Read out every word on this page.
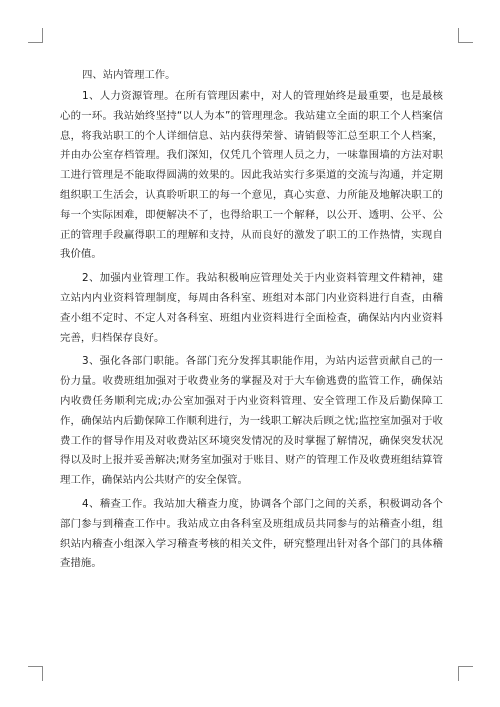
四、站内管理工作。

1、人力资源管理。在所有管理因素中，对人的管理始终是最重要，也是最核心的一环。我站始终坚持“以人为本”的管理理念。我站建立全面的职工个人档案信息，将我站职工的个人详细信息、站内获得荣誉、请销假等汇总至职工个人档案，并由办公室存档管理。我们深知，仅凭几个管理人员之力，一味靠围墙的方法对职工进行管理是不能取得圆满的效果的。因此我站实行多渠道的交流与沟通，并定期组织职工生活会，认真聆听职工的每一个意见，真心实意、力所能及地解决职工的每一个实际困难，即便解决不了，也得给职工一个解释，以公开、透明、公平、公正的管理手段赢得职工的理解和支持，从而良好的激发了职工的工作热情，实现自我价值。

2、加强内业管理工作。我站积极响应管理处关于内业资料管理文件精神，建立站内内业资料管理制度，每周由各科室、班组对本部门内业资料进行自查，由稽查小组不定时、不定人对各科室、班组内业资料进行全面检查，确保站内内业资料完善，归档保存良好。

3、强化各部门职能。各部门充分发挥其职能作用，为站内运营贡献自己的一份力量。收费班组加强对于收费业务的掌握及对于大车偷逃费的监管工作，确保站内收费任务顺利完成;办公室加强对于内业资料管理、安全管理工作及后勤保障工作，确保站内后勤保障工作顺利进行，为一线职工解决后顾之忧;监控室加强对于收费工作的督导作用及对收费站区环境突发情况的及时掌握了解情况，确保突发状况得以及时上报并妥善解决;财务室加强对于账目、财产的管理工作及收费班组结算管理工作，确保站内公共财产的安全保管。

4、稽查工作。我站加大稽查力度，协调各个部门之间的关系，积极调动各个部门参与到稽查工作中。我站成立由各科室及班组成员共同参与的站稽查小组，组织站内稽查小组深入学习稽查考核的相关文件，研究整理出针对各个部门的具体稽查措施。
